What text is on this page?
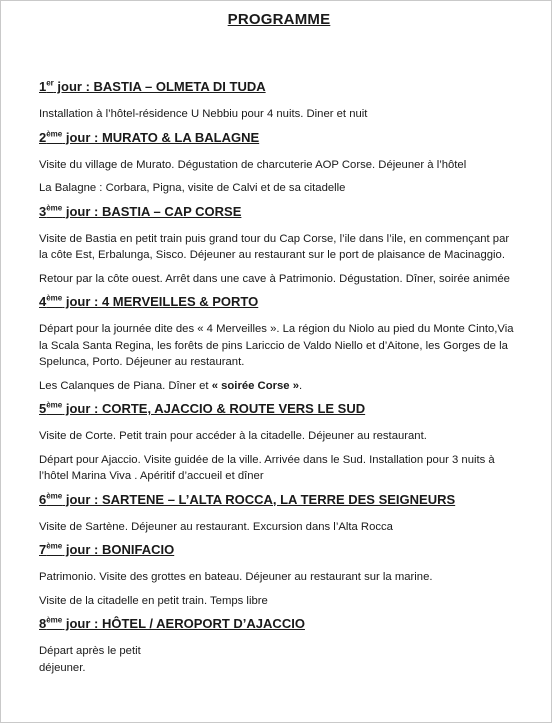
PROGRAMME
1er jour : BASTIA – OLMETA DI TUDA

Installation à l’hôtel-résidence U Nebbiu pour 4 nuits. Diner et nuit

2ème jour : MURATO & LA BALAGNE

Visite du village de Murato. Dégustation de charcuterie AOP Corse. Déjeuner à l’hôtel

La Balagne : Corbara, Pigna, visite de Calvi et de sa citadelle

3ème jour : BASTIA – CAP CORSE

Visite de Bastia en petit train puis grand tour du Cap Corse, l’ile dans l’ile, en commençant par la côte Est, Erbalunga, Sisco. Déjeuner au restaurant sur le port de plaisance de Macinaggio.

Retour par la côte ouest. Arrêt dans une cave à Patrimonio. Dégustation. Dîner, soirée animée

4ème jour : 4 MERVEILLES & PORTO

Départ pour la journée dite des « 4 Merveilles ». La région du Niolo au pied du Monte Cinto,Via la Scala Santa Regina, les forêts de pins Lariccio de Valdo Niello et d’Aitone, les Gorges de la Spelunca, Porto. Déjeuner au restaurant.

Les Calanques de Piana. Dîner et « soirée Corse ».

5ème jour : CORTE, AJACCIO & ROUTE VERS LE SUD

Visite de Corte. Petit train pour accéder à la citadelle. Déjeuner au restaurant.

Départ pour Ajaccio. Visite guidée de la ville. Arrivée dans le Sud. Installation pour 3 nuits à l’hôtel Marina Viva . Apéritif d’accueil et dîner

6ème jour : SARTENE – L’ALTA ROCCA, LA TERRE DES SEIGNEURS

Visite de Sartène. Déjeuner au restaurant. Excursion dans l’Alta Rocca

7ème jour : BONIFACIO

Patrimonio. Visite des grottes en bateau. Déjeuner au restaurant sur la marine.

Visite de la citadelle en petit train. Temps libre

8ème jour : HÔTEL / AEROPORT D’AJACCIO

Départ après le petit déjeuner.
